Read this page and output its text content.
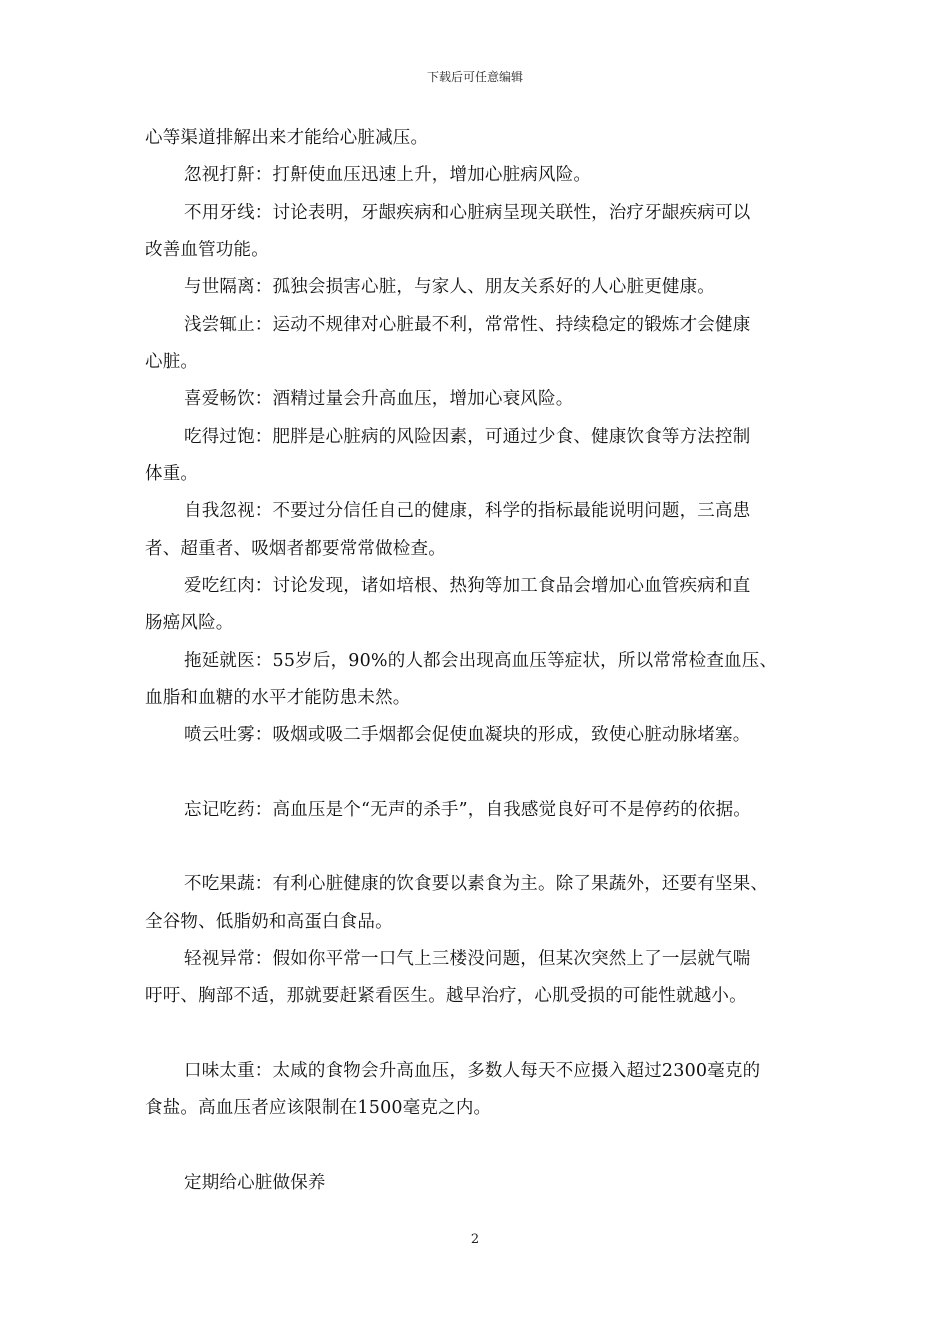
下载后可任意编辑
心等渠道排解出来才能给心脏减压。
忽视打鼾：打鼾使血压迅速上升，增加心脏病风险。
不用牙线：讨论表明，牙龈疾病和心脏病呈现关联性，治疗牙龈疾病可以
改善血管功能。
与世隔离：孤独会损害心脏，与家人、朋友关系好的人心脏更健康。
浅尝辄止：运动不规律对心脏最不利，常常性、持续稳定的锻炼才会健康
心脏。
喜爱畅饮：酒精过量会升高血压，增加心衰风险。
吃得过饱：肥胖是心脏病的风险因素，可通过少食、健康饮食等方法控制
体重。
自我忽视：不要过分信任自己的健康，科学的指标最能说明问题，三高患
者、超重者、吸烟者都要常常做检查。
爱吃红肉：讨论发现，诸如培根、热狗等加工食品会增加心血管疾病和直
肠癌风险。
拖延就医：55岁后，90%的人都会出现高血压等症状，所以常常检查血压、
血脂和血糖的水平才能防患未然。
喷云吐雾：吸烟或吸二手烟都会促使血凝块的形成，致使心脏动脉堵塞。
忘记吃药：高血压是个“无声的杀手”，自我感觉良好可不是停药的依据。
不吃果蔬：有利心脏健康的饮食要以素食为主。除了果蔬外，还要有坚果、
全谷物、低脂奶和高蛋白食品。
轻视异常：假如你平常一口气上三楼没问题，但某次突然上了一层就气喘
吁吁、胸部不适，那就要赶紧看医生。越早治疗，心肌受损的可能性就越小。
口味太重：太咸的食物会升高血压，多数人每天不应摄入超过2300毫克的
食盐。高血压者应该限制在1500毫克之内。
定期给心脏做保养
2
